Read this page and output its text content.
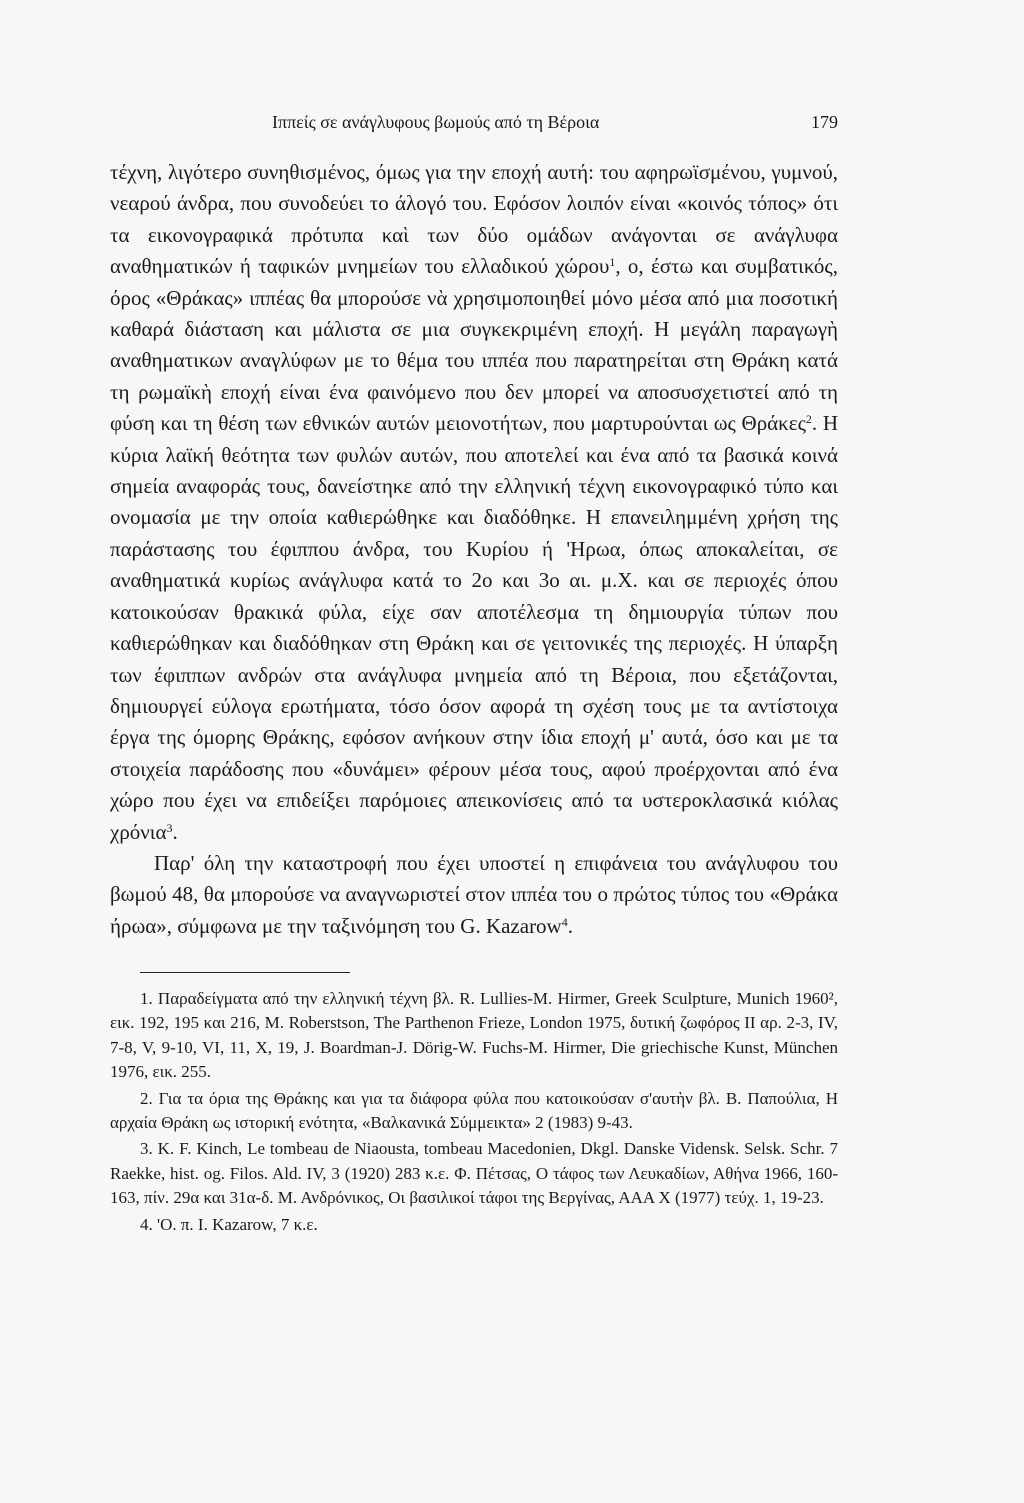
Ιππείς σε ανάγλυφους βωμούς από τη Βέροια	179

τέχνη, λιγότερο συνηθισμένος, όμως για την εποχή αυτή: του αφηρωϊσμένου, γυμνού, νεαρού άνδρα, που συνοδεύει το άλογό του. Εφόσον λοιπόν είναι «κοινός τόπος» ότι τα εικονογραφικά πρότυπα καὶ των δύο ομάδων ανάγονται σε ανάγλυφα αναθηματικών ή ταφικών μνημείων του ελλαδικού χώρου$^1$, ο, έστω και συμβατικός, όρος «Θράκας» ιππέας θα μπορούσε νὰ χρησιμοποιηθεί μόνο μέσα από μια ποσοτική καθαρά διάσταση και μάλιστα σε μια συγκεκριμένη εποχή. Η μεγάλη παραγωγὴ αναθηματικων αναγλύφων με το θέμα του ιππέα που παρατηρείται στη Θράκη κατά τη ρωμαϊκὴ εποχή είναι ένα φαινόμενο που δεν μπορεί να αποσυσχετιστεί από τη φύση και τη θέση των εθνικών αυτών μειονοτήτων, που μαρτυρούνται ως Θράκες$^2$. Η κύρια λαϊκή θεότητα των φυλών αυτών, που αποτελεί και ένα από τα βασικά κοινά σημεία αναφοράς τους, δανείστηκε από την ελληνική τέχνη εικονογραφικό τύπο και ονομασία με την οποία καθιερώθηκε και διαδόθηκε. Η επανειλημμένη χρήση της παράστασης του έφιππου άνδρα, του Κυρίου ή 'Ηρωα, όπως αποκαλείται, σε αναθηματικά κυρίως ανάγλυφα κατά το 2ο και 3ο αι. μ.Χ. και σε περιοχές όπου κατοικούσαν θρακικά φύλα, είχε σαν αποτέλεσμα τη δημιουργία τύπων που καθιερώθηκαν και διαδόθηκαν στη Θράκη και σε γειτονικές της περιοχές. Η ύπαρξη των έφιππων ανδρών στα ανάγλυφα μνημεία από τη Βέροια, που εξετάζονται, δημιουργεί εύλογα ερωτήματα, τόσο όσον αφορά τη σχέση τους με τα αντίστοιχα έργα της όμορης Θράκης, εφόσον ανήκουν στην ίδια εποχή μ' αυτά, όσο και με τα στοιχεία παράδοσης που «δυνάμει» φέρουν μέσα τους, αφού προέρχονται από ένα χώρο που έχει να επιδείξει παρόμοιες απεικονίσεις από τα υστεροκλασικά κιόλας χρόνια$^3$.

Παρ' όλη την καταστροφή που έχει υποστεί η επιφάνεια του ανάγλυφου του βωμού 48, θα μπορούσε να αναγνωριστεί στον ιππέα του ο πρώτος τύπος του «Θράκα ήρωα», σύμφωνα με την ταξινόμηση του G. Kazarow$^4$.

1. Παραδείγματα από την ελληνική τέχνη βλ. R. Lullies-M. Hirmer, Greek Sculpture, Munich 1960², εικ. 192, 195 και 216, M. Roberstson, The Parthenon Frieze, London 1975, δυτική ζωφόρος II αρ. 2-3, IV, 7-8, V, 9-10, VI, 11, X, 19, J. Boardman-J. Dörig-W. Fuchs-M. Hirmer, Die griechische Kunst, München 1976, εικ. 255.

2. Για τα όρια της Θράκης και για τα διάφορα φύλα που κατοικούσαν σ'αυτὴν βλ. Β. Παπούλια, Η αρχαία Θράκη ως ιστορική ενότητα, «Βαλκανικά Σύμμεικτα» 2 (1983) 9-43.

3. K. F. Kinch, Le tombeau de Niaousta, tombeau Macedonien, Dkgl. Danske Vidensk. Selsk. Schr. 7 Raekke, hist. og. Filos. Ald. IV, 3 (1920) 283 κ.ε. Φ. Πέτσας, Ο τάφος των Λευκαδίων, Αθήνα 1966, 160-163, πίν. 29α και 31α-δ. Μ. Ανδρόνικος, Οι βασιλικοί τάφοι της Βεργίνας, ΑΑΑ Χ (1977) τεύχ. 1, 19-23.

4. 'Ο. π. Ι. Kazarow, 7 κ.ε.
